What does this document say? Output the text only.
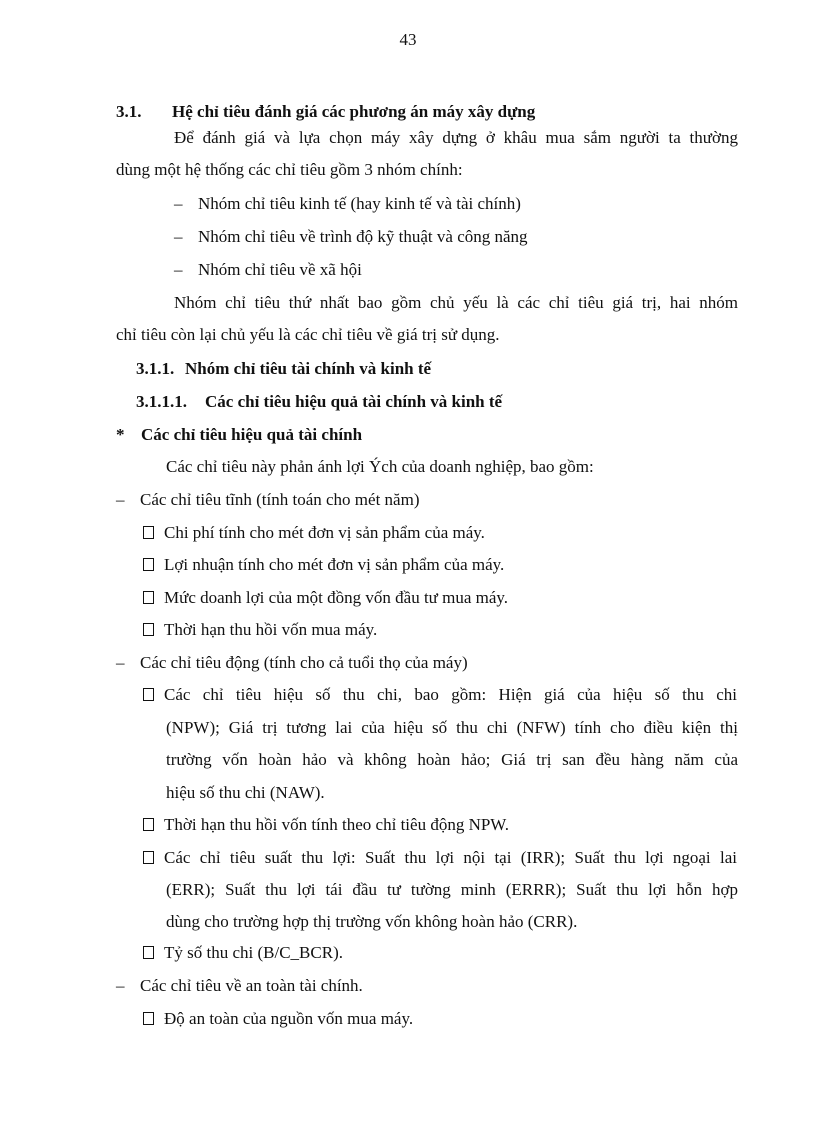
43
3.1. Hệ chỉ tiêu đánh giá các phương án máy xây dựng
Để đánh giá và lựa chọn máy xây dựng ở khâu mua sắm người ta thường
dùng một hệ thống các chỉ tiêu gồm 3 nhóm chính:
– Nhóm chỉ tiêu kinh tế (hay kinh tế và tài chính)
– Nhóm chỉ tiêu về trình độ kỹ thuật và công năng
– Nhóm chỉ tiêu về xã hội
Nhóm chỉ tiêu thứ nhất bao gồm chủ yếu là các chỉ tiêu giá trị, hai nhóm
chỉ tiêu còn lại chủ yếu là các chỉ tiêu về giá trị sử dụng.
3.1.1. Nhóm chỉ tiêu tài chính và kinh tế
3.1.1.1. Các chỉ tiêu hiệu quả tài chính và kinh tế
* Các chỉ tiêu hiệu quả tài chính
Các chỉ tiêu này phản ánh lợi Ých của doanh nghiệp, bao gồm:
– Các chỉ tiêu tĩnh (tính toán cho mét năm)
Chi phí tính cho mét đơn vị sản phẩm của máy.
Lợi nhuận tính cho mét đơn vị sản phẩm của máy.
Mức doanh lợi của một đồng vốn đầu tư mua máy.
Thời hạn thu hồi vốn mua máy.
– Các chỉ tiêu động (tính cho cả tuổi thọ của máy)
Các chỉ tiêu hiệu số thu chi, bao gồm: Hiện giá của hiệu số thu chi
(NPW); Giá trị tương lai của hiệu số thu chi (NFW) tính cho điều kiện thị
trường vốn hoàn hảo và không hoàn hảo; Giá trị san đều hàng năm của
hiệu số thu chi (NAW).
Thời hạn thu hồi vốn tính theo chỉ tiêu động NPW.
Các chỉ tiêu suất thu lợi: Suất thu lợi nội tại (IRR); Suất thu lợi ngoại lai
(ERR); Suất thu lợi tái đầu tư tường minh (ERRR); Suất thu lợi hỗn hợp
dùng cho trường hợp thị trường vốn không hoàn hảo (CRR).
Tỷ số thu chi (B/C_BCR).
– Các chỉ tiêu về an toàn tài chính.
Độ an toàn của nguồn vốn mua máy.
